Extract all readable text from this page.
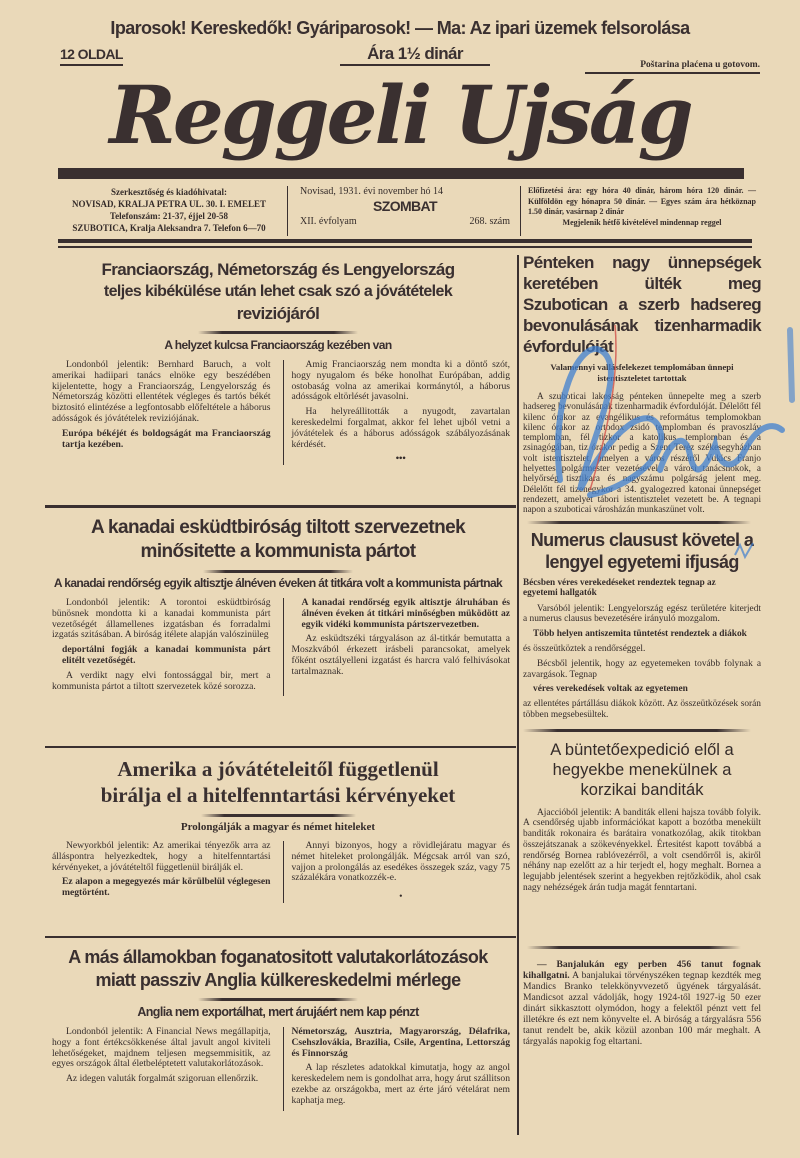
Iparosok! Kereskedők! Gyáriparosok! — Ma: Az ipari üzemek felsorolása
12 OLDAL	Ára 1½ dinár
Poštarina plaćena u gotovom.
Reggeli Ujság
Szerkesztőség és kiadóhivatal:
NOVISAD, KRALJA PETRA UL. 30. I. EMELET
Telefonszám: 21-37, éjjel 20-58
SZUBOTICA, Kralja Aleksandra 7. Telefon 6—70
Novisad, 1931. évi november hó 14
SZOMBAT
XII. évfolyam	268. szám
Előfizetési ára: egy hóra 40 dinár, három hóra 120 dinár. — Külföldön egy hónapra 50 dinár. — Egyes szám ára hétköznap 1.50 dinár, vasárnap 2 dinár
Megjelenik hétfő kivételével mindennap reggel
Franciaország, Németország és Lengyelország
teljes kibékülése után lehet csak szó a jóvátételek
reviziójáról
A helyzet kulcsa Franciaország kezében van

Londonból jelentik: Bernhard Baruch, a volt amerikai hadiipari tanács elnöke egy beszédében kijelentette, hogy a Franciaország, Lengyelország és Németország közötti ellentétek végleges és tartós békét biztositó elintézése a legfontosabb előfeltétele a háborus adósságok és jóvátételek reviziójának.

Európa békéjét és boldogságát ma Franciaország tartja kezében.

Amig Franciaország nem mondta ki a döntő szót, hogy nyugalom és béke honolhat Európában, addig ostobaság volna az amerikai kormánytól, a háborus adósságok eltörlését javasolni.

Ha helyreállitották a nyugodt, zavartalan kereskedelmi forgalmat, akkor fel lehet ujból vetni a jóvátételek és a háborus adósságok szábályozásának kérdését.

•••
A kanadai esküdtbiróság tiltott szervezetnek
minősitette a kommunista pártot
A kanadai rendőrség egyik altisztje álnéven éveken át titkára volt a kommunista pártnak

Londonból jelentik: A torontoi esküdtbiróság bünösnek mondotta ki a kanadai kommunista párt vezetőségét államellenes izgatásban és forradalmi izgatás szitásában. A biróság itélete alapján valószinüleg

deportálni fogják a kanadai kommunista párt elitélt vezetőségét.

A verdikt nagy elvi fontossággal bir, mert a kommunista pártot a tiltott szervezetek közé sorozza.

A kanadai rendőrség egyik altisztje álruhában és álnéven éveken át titkári minőségben müködött az egyik vidéki kommunista pártszervezetben.

Az esküdtszéki tárgyaláson az ál-titkár bemutatta a Moszkvából érkezett irásbeli parancsokat, amelyek főként osztályelleni izgatást és harcra való felhivásokat tartalmaznak.

Amerika a jóvátételeitől függetlenül
birálja el a hitelfenntartási kérvényeket
Prolongálják a magyar és német hiteleket

Newyorkból jelentik: Az amerikai tényezők arra az álláspontra helyezkedtek, hogy a hitelfenntartási kérvényeket, a jóvátételtől függetlenül birálják el.

Ez alapon a megegyezés már körülbelül véglegesen megtörtént.

Annyi bizonyos, hogy a rövidlejáratu magyar és német hiteleket prolongálják. Mégcsak arról van szó, vajjon a prolongálás az esedékes összegek száz, vagy 75 százalékára vonatkozzék-e.

•
A más államokban foganatositott valutakorlátozások
miatt passziv Anglia külkereskedelmi mérlege
Anglia nem exportálhat, mert árujáért nem kap pénzt

Londonból jelentik: A Financial News megállapitja, hogy a font értékcsökkenése által javult angol kiviteli lehetőségeket, majdnem teljesen megsemmisitik, az egyes országok által életbeléptetett valutakorlátozások.

Az idegen valuták forgalmát szigoruan ellenőrzik.

Németország, Ausztria, Magyarország, Délafrika, Csehszlovákia, Brazilia, Csile, Argentina, Lettország és Finnország

A lap részletes adatokkal kimutatja, hogy az angol kereskedelem nem is gondolhat arra, hogy árut szállitson ezekbe az országokba, mert az érte járó vételárat nem kaphatja meg.

Pénteken nagy ünnepségek keretében ülték meg Szubotican a szerb hadsereg bevonulásának tizenharmadik évfordulóját
Valamennyi vallásfelekezet templomában ünnepi istentiszteletet tartottak

A szuboticai lakosság pénteken ünnepelte meg a szerb hadsereg bevonulásának tizenharmadik évfordulóját. Délelőtt fél kilenc órakor az evangélikus és református templomokban kilenc órakor az ortodox zsidó templomban és pravoszláv templomban, fél tizkor a katolikus templomban és a zsinagógában, tiz órakor pedig a Szent Teréz székesegyházban volt istentisztelet, amelyen a város részéről Vukics Franjo helyettes polgármester vezetésével a városi tanácsnokok, a helyőrség tisztikara és nagyszámu polgárság jelent meg. Délelőtt fél tizenegykor a 34. gyalogezred katonai ünnepséget rendezett, amelyet tábori istentisztelet vezetett be. A tegnapi napon a szuboticai városházán munkaszünet volt.

Numerus clausust követel a lengyel egyetemi ifjuság
Bécsben véres verekedéseket rendeztek tegnap az egyetemi hallgatók

Varsóból jelentik: Lengyelország egész területére kiterjedt a numerus clausus bevezetésére irányuló mozgalom.

Több helyen antiszemita tüntetést rendeztek a diákok

és összeütköztek a rendőrséggel.

Bécsből jelentik, hogy az egyetemeken tovább folynak a zavargások. Tegnap

véres verekedések voltak az egyetemen

az ellentétes pártállásu diákok között. Az összeütközések során többen megsebesültek.

A büntetőexpedició elől a hegyekbe menekülnek a korzikai banditák

Ajaccióból jelentik: A banditák elleni hajsza tovább folyik. A csendőrség ujabb információkat kapott a bozótba menekült banditák rokonaira és barátaira vonatkozólag, akik titokban összejátszanak a szökevényekkel. Értesitést kapott továbbá a rendőrség Bornea rablóvezérről, a volt csendőrről is, akiről néhány nap ezelőtt az a hir terjedt el, hogy meghalt. Bornea a legujabb jelentések szerint a hegyekben rejtőzködik, ahol csak nagy nehézségek árán tudja magát fenntartani.

— Banjalukán egy perben 456 tanut fognak kihallgatni. A banjalukai törvényszéken tegnap kezdték meg Mandics Branko telekkönyvvezető ügyének tárgyalását. Mandicsot azzal vádolják, hogy 1924-től 1927-ig 50 ezer dinárt sikkasztott olymódon, hogy a felektől pénzt vett fel illetékre és ezt nem könyvelte el. A biróság a tárgyalásra 556 tanut rendelt be, akik közül azonban 100 már meghalt. A tárgyalás napokig fog eltartani.
